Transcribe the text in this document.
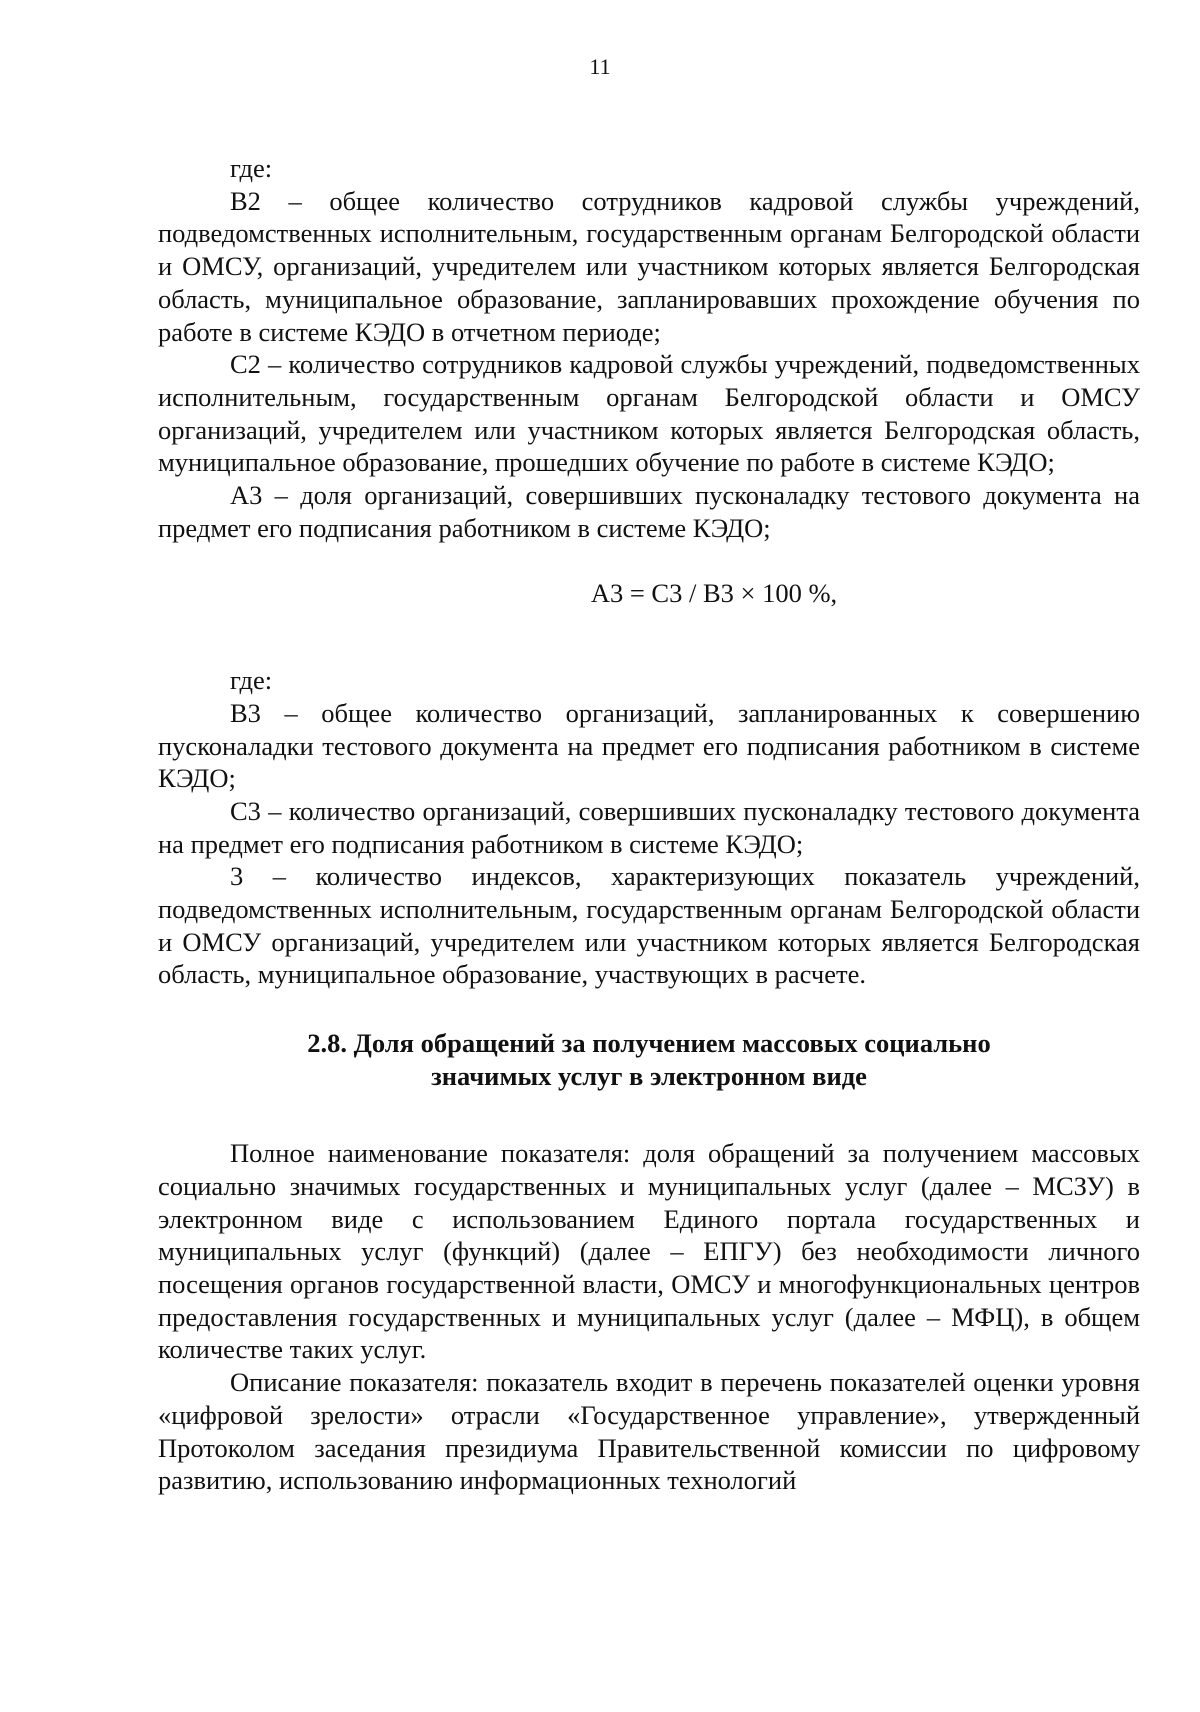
11

где:

В2 – общее количество сотрудников кадровой службы учреждений, подведомственных исполнительным, государственным органам Белгородской области и ОМСУ, организаций, учредителем или участником которых является Белгородская область, муниципальное образование, запланировавших прохождение обучения по работе в системе КЭДО в отчетном периоде;

С2 – количество сотрудников кадровой службы учреждений, подведомственных исполнительным, государственным органам Белгородской области и ОМСУ организаций, учредителем или участником которых является Белгородская область, муниципальное образование, прошедших обучение по работе в системе КЭДО;

А3 – доля организаций, совершивших пусконаладку тестового документа на предмет его подписания работником в системе КЭДО;

А3 = С3 / В3 × 100 %,

где:

В3 – общее количество организаций, запланированных к совершению пусконаладки тестового документа на предмет его подписания работником в системе КЭДО;

С3 – количество организаций, совершивших пусконаладку тестового документа на предмет его подписания работником в системе КЭДО;

3 – количество индексов, характеризующих показатель учреждений, подведомственных исполнительным, государственным органам Белгородской области и ОМСУ организаций, учредителем или участником которых является Белгородская область, муниципальное образование, участвующих в расчете.

2.8. Доля обращений за получением массовых социально
значимых услуг в электронном виде

Полное наименование показателя: доля обращений за получением массовых социально значимых государственных и муниципальных услуг (далее – МСЗУ) в электронном виде с использованием Единого портала государственных и муниципальных услуг (функций) (далее – ЕПГУ) без необходимости личного посещения органов государственной власти, ОМСУ и многофункциональных центров предоставления государственных и муниципальных услуг (далее – МФЦ), в общем количестве таких услуг.

Описание показателя: показатель входит в перечень показателей оценки уровня «цифровой зрелости» отрасли «Государственное управление», утвержденный Протоколом заседания президиума Правительственной комиссии по цифровому развитию, использованию информационных технологий
